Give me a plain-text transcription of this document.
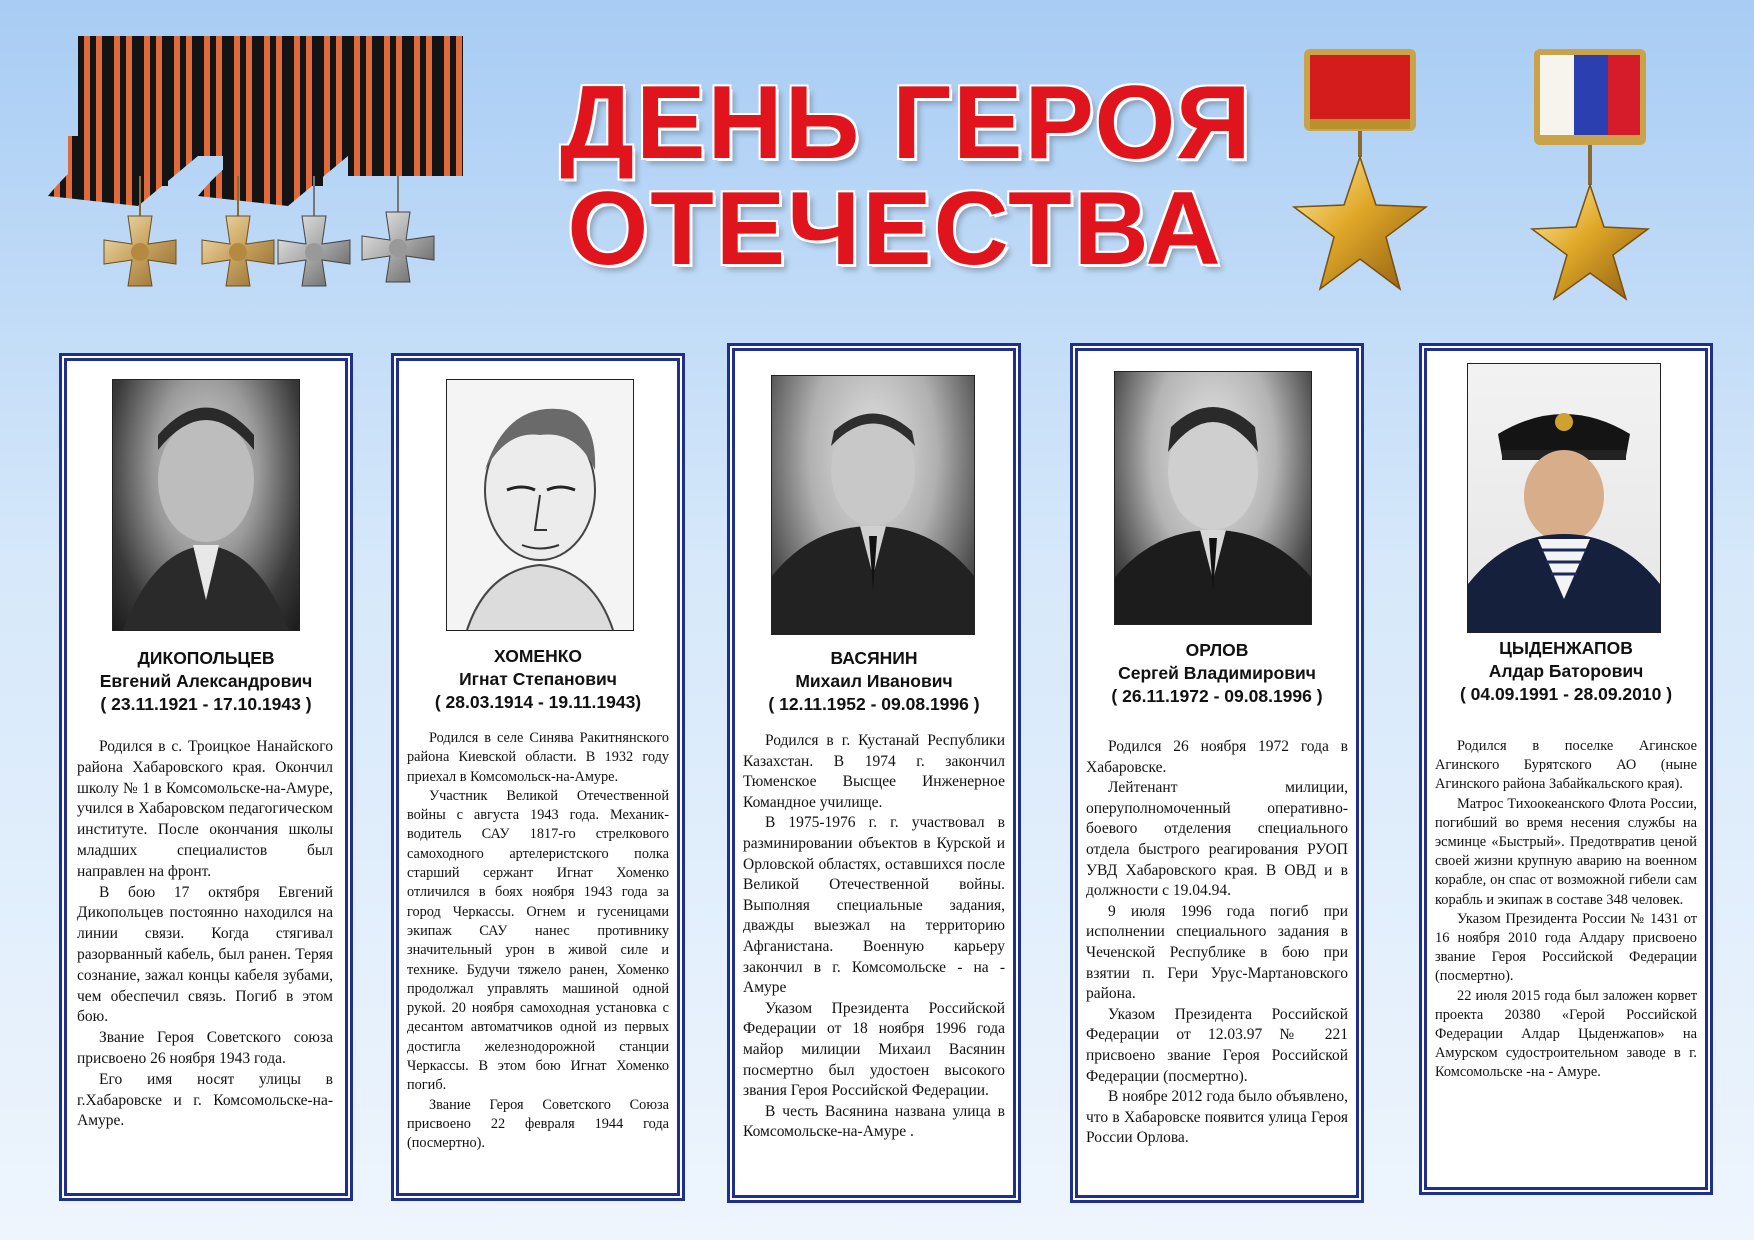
ДЕНЬ ГЕРОЯ
ОТЕЧЕСТВА
ДИКОПОЛЬЦЕВ
Евгений Александрович
( 23.11.1921 - 17.10.1943 )

Родился в с. Троицкое Нанайского района Хабаровского края. Окончил школу № 1 в Комсомольске-на-Амуре, учился в Хабаровском педагогическом институте. После окончания школы младших специалистов был направлен на фронт.

В бою 17 октября Евгений Дикопольцев постоянно находился на линии связи. Когда стягивал разорванный кабель, был ранен. Теряя сознание, зажал концы кабеля зубами, чем обеспечил связь. Погиб в этом бою.

Звание Героя Советского союза присвоено 26 ноября 1943 года.

Его имя носят улицы в г.Хабаровске и г. Комсомольске-на-Амуре.

ХОМЕНКО
Игнат Степанович
( 28.03.1914 - 19.11.1943)

Родился в селе Синява Ракитнянского района Киевской области. В 1932 году приехал в Комсомольск-на-Амуре.

Участник Великой Отечественной войны с августа 1943 года. Механик-водитель САУ 1817-го стрелкового самоходного артелеристского полка старший сержант Игнат Хоменко отличился в боях ноября 1943 года за город Черкассы. Огнем и гусеницами экипаж САУ нанес противнику значительный урон в живой силе и технике. Будучи тяжело ранен, Хоменко продолжал управлять машиной одной рукой. 20 ноября самоходная установка с десантом автоматчиков одной из первых достигла железнодорожной станции Черкассы. В этом бою Игнат Хоменко погиб.

Звание Героя Советского Союза присвоено 22 февраля 1944 года (посмертно).

ВАСЯНИН
Михаил Иванович
( 12.11.1952 - 09.08.1996 )

Родился в г. Кустанай Республики Казахстан. В 1974 г. закончил Тюменское Высщее Инженерное Командное училище.

В 1975-1976 г. г. участвовал в разминировании объектов в Курской и Орловской областях, оставшихся после Великой Отечественной войны. Выполняя специальные задания, дважды выезжал на территорию Афганистана. Военную карьеру закончил в г. Комсомольске - на - Амуре

Указом Президента Российской Федерации от 18 ноября 1996 года майор милиции Михаил Васянин посмертно был удостоен высокого звания Героя Российской Федерации.

В честь Васянина названа улица в Комсомольске-на-Амуре .

ОРЛОВ
Сергей Владимирович
( 26.11.1972 - 09.08.1996 )

Родился 26 ноября 1972 года в Хабаровске.

Лейтенант милиции, оперуполномоченный оперативно-боевого отделения специального отдела быстрого реагирования РУОП УВД Хабаровского края. В ОВД и в должности с 19.04.94.

9 июля 1996 года погиб при исполнении специального задания в Чеченской Республике в бою при взятии п. Гери Урус-Мартановского района.

Указом Президента Российской Федерации от 12.03.97 № 221 присвоено звание Героя Российской Федерации (посмертно).

В ноябре 2012 года было объявлено, что в Хабаровске появится улица Героя России Орлова.

ЦЫДЕНЖАПОВ
Алдар Баторович
( 04.09.1991 - 28.09.2010 )

Родился в поселке Агинское Агинского Бурятского АО (ныне Агинского района Забайкальского края).

Матрос Тихоокеанского Флота России, погибший во время несения службы на эсминце «Быстрый». Предотвратив ценой своей жизни крупную аварию на военном корабле, он спас от возможной гибели сам корабль и экипаж в составе 348 человек.

Указом Президента России № 1431 от 16 ноября 2010 года Алдару присвоено звание Героя Российской Федерации (посмертно).

22 июля 2015 года был заложен корвет проекта 20380 «Герой Российской Федерации Алдар Цыденжапов» на Амурском судостроительном заводе в г. Комсомольске -на - Амуре.
